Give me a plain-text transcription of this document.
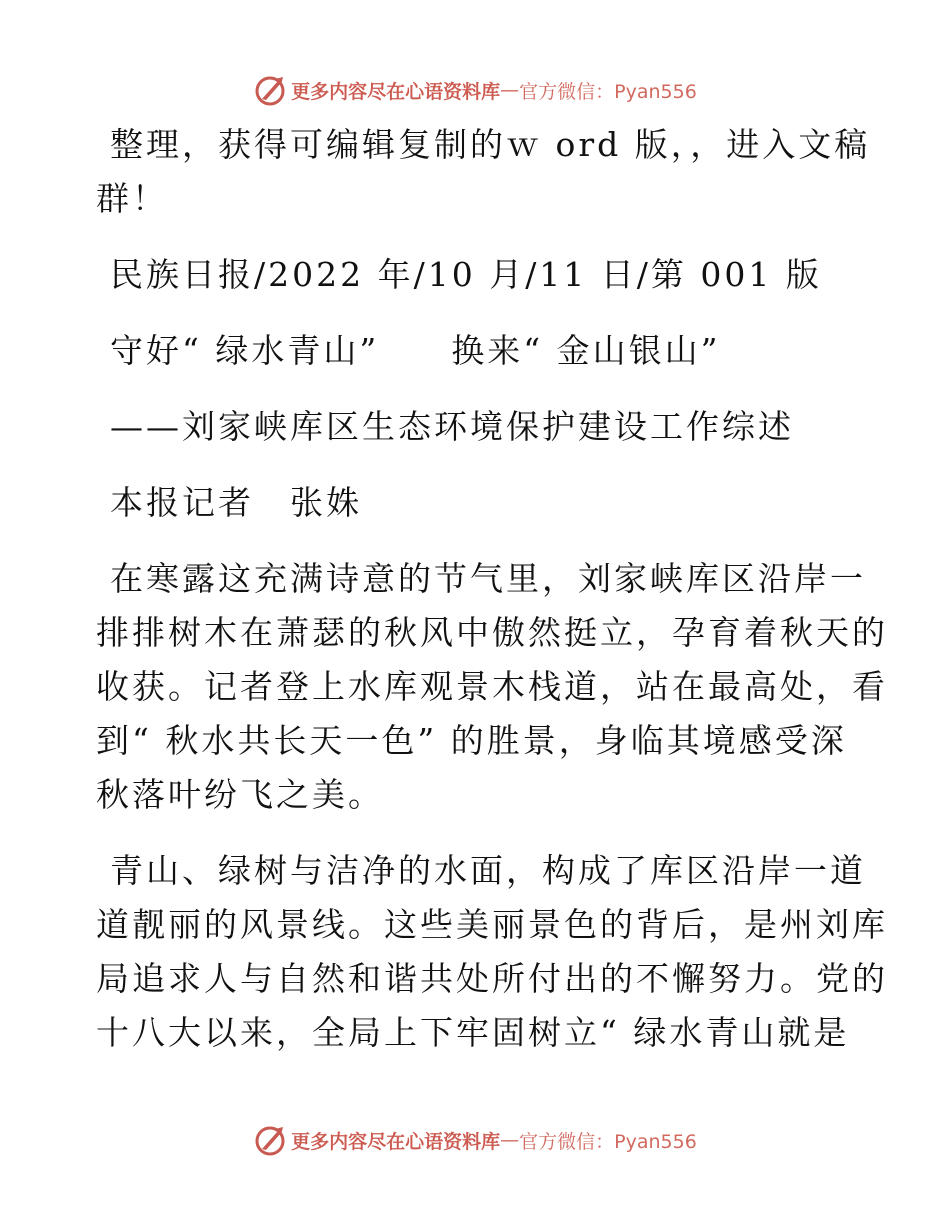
更多内容尽在心语资料库 — 官方微信：Pyan556
整理，获得可编辑复制的ｗ ord 版，，进入文稿
群！
民族日报/2022 年/10 月/11 日/第 001 版
守好“ 绿水青山”　　换来“ 金山银山”
——刘家峡库区生态环境保护建设工作综述
本报记者　张姝
在寒露这充满诗意的节气里，刘家峡库区沿岸一
排排树木在萧瑟的秋风中傲然挺立，孕育着秋天的
收获。记者登上水库观景木栈道，站在最高处，看
到“ 秋水共长天一色” 的胜景，身临其境感受深
秋落叶纷飞之美。
青山、绿树与洁净的水面，构成了库区沿岸一道
道靓丽的风景线。这些美丽景色的背后，是州刘库
局追求人与自然和谐共处所付出的不懈努力。党的
十八大以来，全局上下牢固树立“ 绿水青山就是
更多内容尽在心语资料库 — 官方微信：Pyan556
